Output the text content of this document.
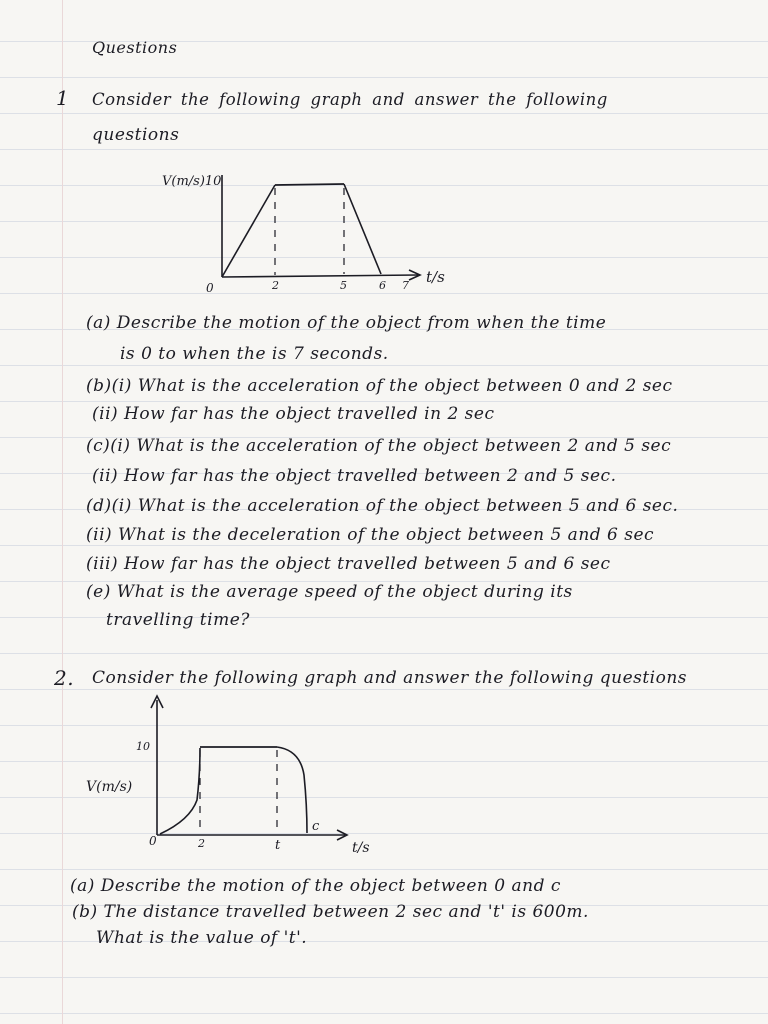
Questions
1 Consider the following graph and answer the following
questions
V(m/s)10
0	2	5	6 7 t/s
(a) Describe the motion of the object from when the time
is 0 to when the is 7 seconds.
(b)(i) What is the acceleration of the object between 0 and 2 sec
(ii) How far has the object travelled in 2 sec
(c)(i) What is the acceleration of the object between 2 and 5 sec
(ii) How far has the object travelled between 2 and 5 sec.
(d)(i) What is the acceleration of the object between 5 and 6 sec.
(ii) What is the deceleration of the object between 5 and 6 sec
(iii) How far has the object travelled between 5 and 6 sec
(e) What is the average speed of the object during its
travelling time?
2. Consider the following graph and answer the following questions
10
V(m/s)
0	2	t
c
t/s
(a) Describe the motion of the object between 0 and c
(b) The distance travelled between 2 sec and 't' is 600m.
What is the value of 't'.
